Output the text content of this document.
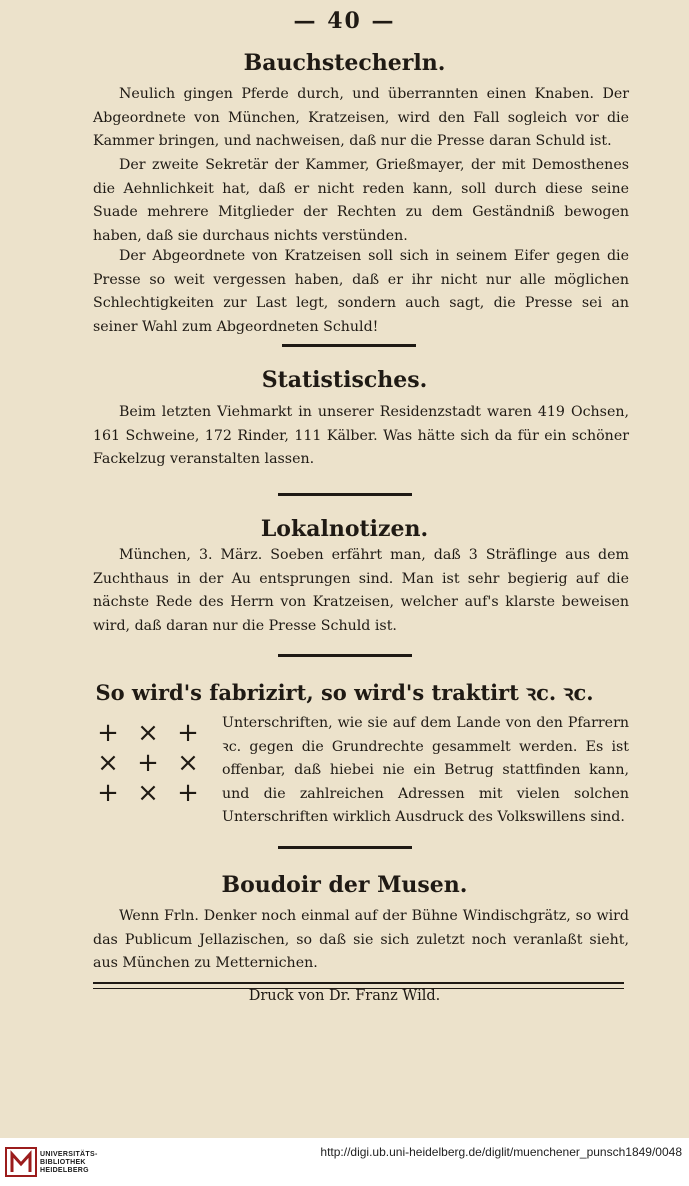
— 40 —
Bauchstecherln.

Neulich gingen Pferde durch, und überrannten einen Knaben. Der Abgeordnete von München, Kratzeisen, wird den Fall sogleich vor die Kammer bringen, und nachweisen, daß nur die Presse daran Schuld ist.

Der zweite Sekretär der Kammer, Grießmayer, der mit Demosthenes die Aehnlichkeit hat, daß er nicht reden kann, soll durch diese seine Suade mehrere Mitglieder der Rechten zu dem Geständniß bewogen haben, daß sie durchaus nichts verstünden.

Der Abgeordnete von Kratzeisen soll sich in seinem Eifer gegen die Presse so weit vergessen haben, daß er ihr nicht nur alle möglichen Schlechtigkeiten zur Last legt, sondern auch sagt, die Presse sei an seiner Wahl zum Abgeordneten Schuld!

Statistisches.

Beim letzten Viehmarkt in unserer Residenzstadt waren 419 Ochsen, 161 Schweine, 172 Rinder, 111 Kälber. Was hätte sich da für ein schöner Fackelzug veranstalten lassen.

Lokalnotizen.

München, 3. März. Soeben erfährt man, daß 3 Sträflinge aus dem Zuchthaus in der Au entsprungen sind. Man ist sehr begierig auf die nächste Rede des Herrn von Kratzeisen, welcher auf's klarste beweisen wird, daß daran nur die Presse Schuld ist.

So wird's fabrizirt, so wird's traktirt ꝛc. ꝛc.
+ × +
× + ×
+ × +

Unterschriften, wie sie auf dem Lande von den Pfarrern ꝛc. gegen die Grundrechte gesammelt werden. Es ist offenbar, daß hiebei nie ein Betrug stattfinden kann, und die zahlreichen Adressen mit vielen solchen Unterschriften wirklich Ausdruck des Volkswillens sind.

Boudoir der Musen.

Wenn Frln. Denker noch einmal auf der Bühne Windischgrätz, so wird das Publicum Jellazischen, so daß sie sich zuletzt noch veranlaßt sieht, aus München zu Metternichen.

Druck von Dr. Franz Wild.
UNIVERSITÄTS- BIBLIOTHEK HEIDELBERG
http://digi.ub.uni-heidelberg.de/diglit/muenchener_punsch1849/0048
